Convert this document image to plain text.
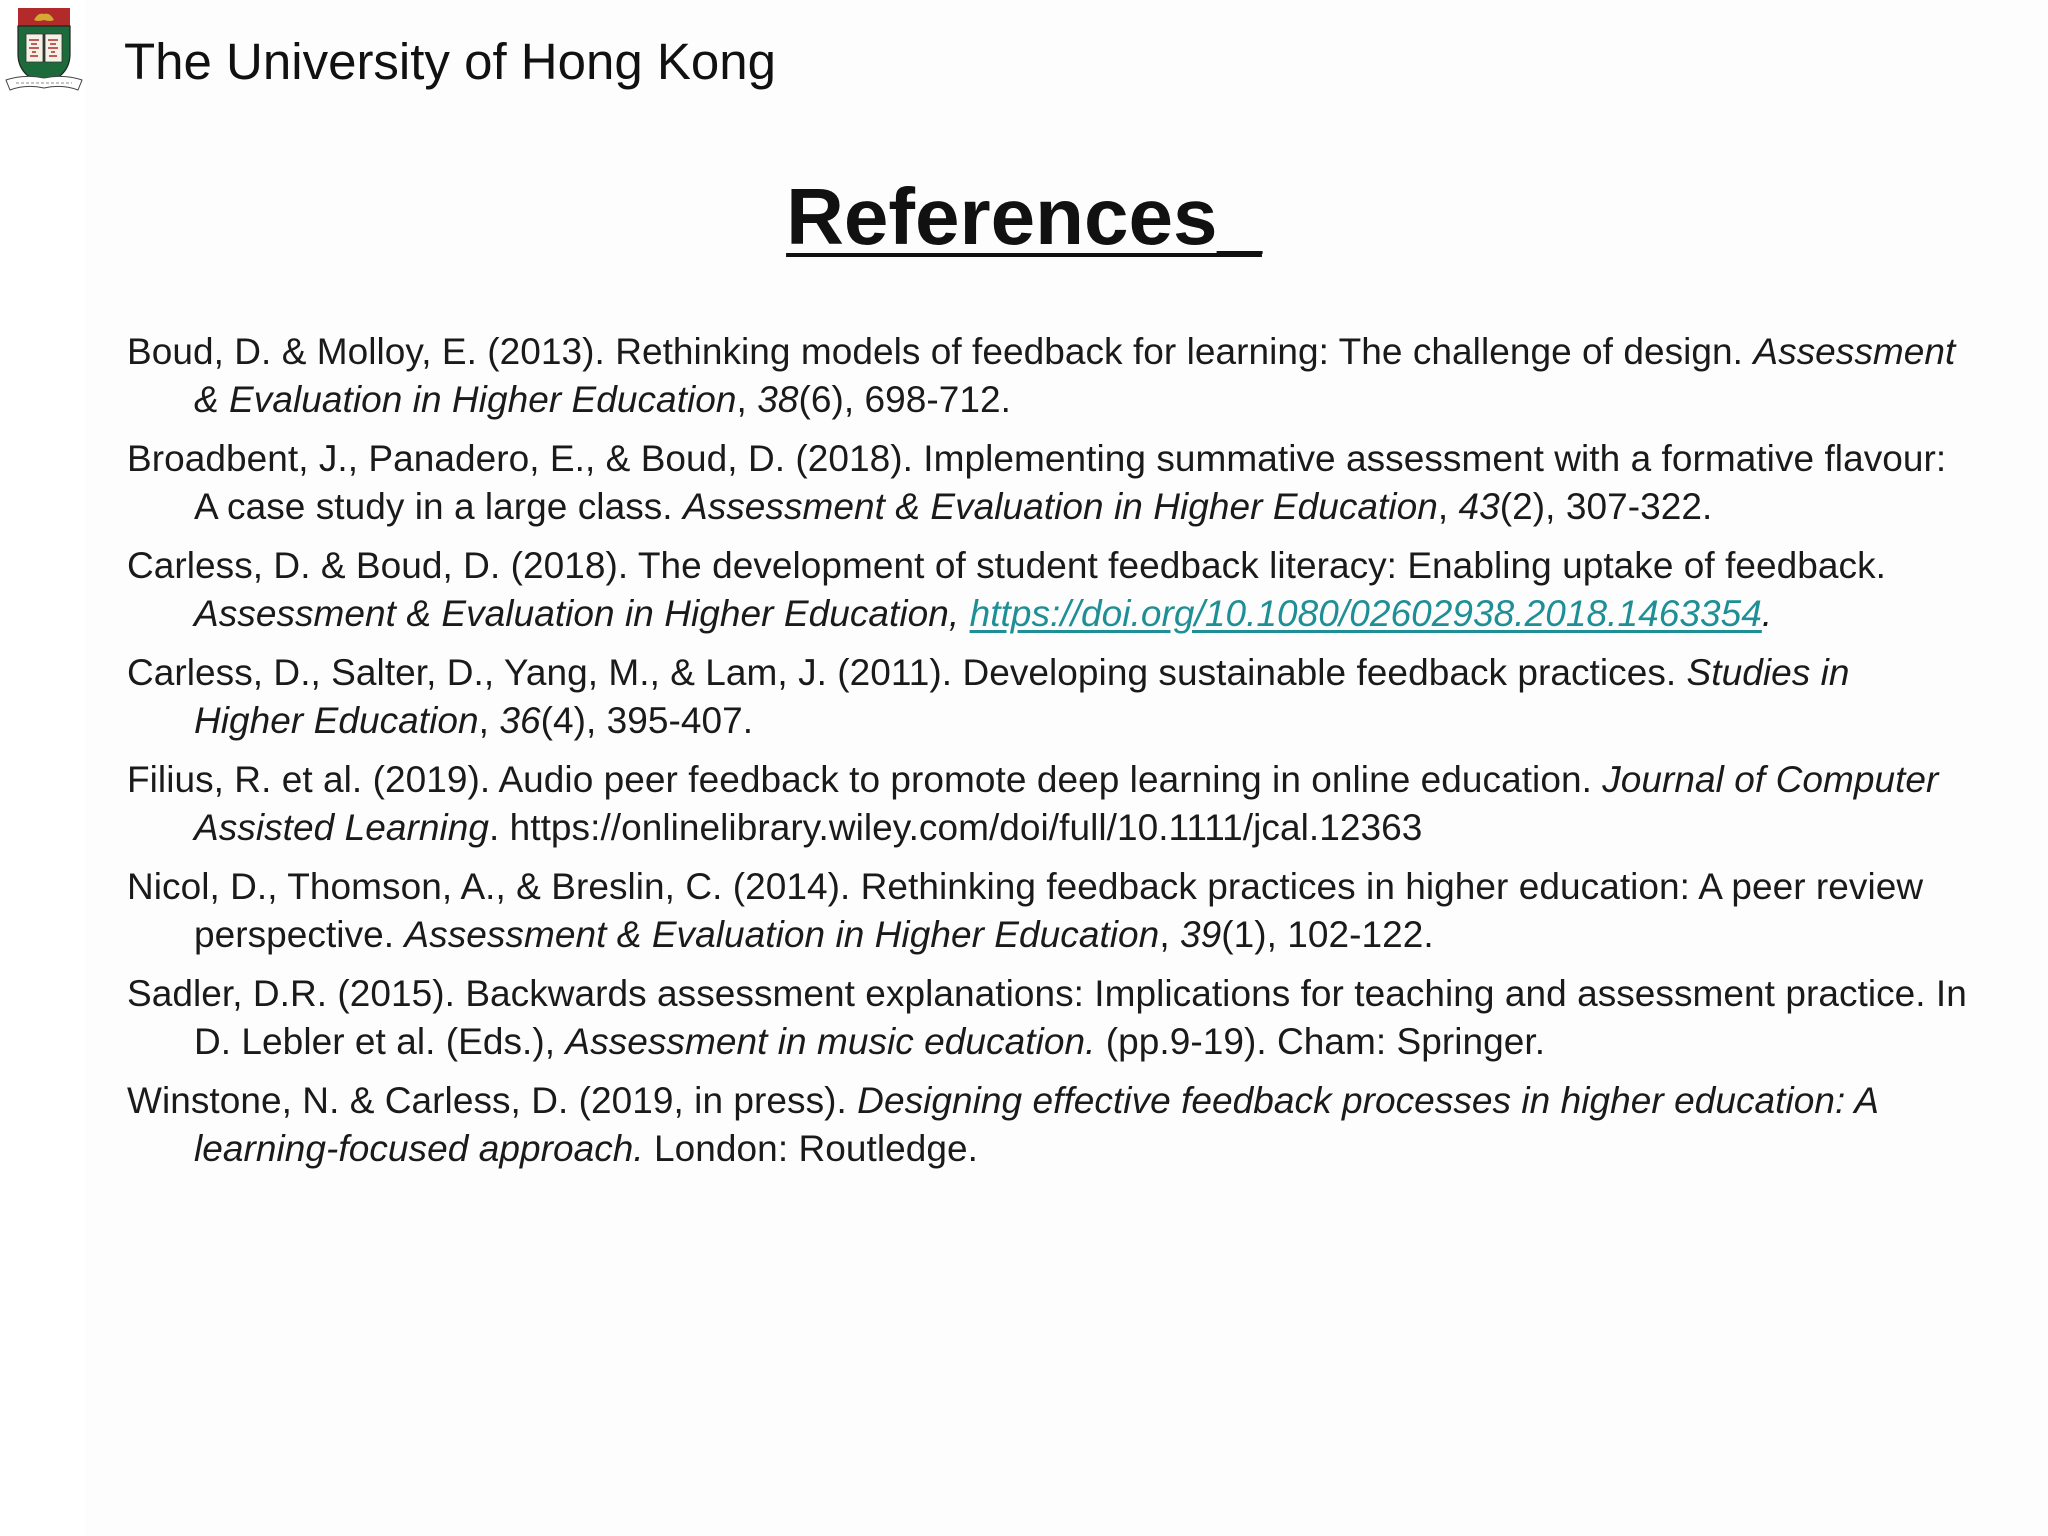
The University of Hong Kong
References_
Boud, D. & Molloy, E. (2013). Rethinking models of feedback for learning: The challenge of design. Assessment & Evaluation in Higher Education, 38(6), 698-712.
Broadbent, J., Panadero, E., & Boud, D. (2018). Implementing summative assessment with a formative flavour: A case study in a large class. Assessment & Evaluation in Higher Education, 43(2), 307-322.
Carless, D. & Boud, D. (2018). The development of student feedback literacy: Enabling uptake of feedback. Assessment & Evaluation in Higher Education, https://doi.org/10.1080/02602938.2018.1463354.
Carless, D., Salter, D., Yang, M., & Lam, J. (2011). Developing sustainable feedback practices. Studies in Higher Education, 36(4), 395-407.
Filius, R. et al. (2019). Audio peer feedback to promote deep learning in online education. Journal of Computer Assisted Learning. https://onlinelibrary.wiley.com/doi/full/10.1111/jcal.12363
Nicol, D., Thomson, A., & Breslin, C. (2014). Rethinking feedback practices in higher education: A peer review perspective. Assessment & Evaluation in Higher Education, 39(1), 102-122.
Sadler, D.R. (2015). Backwards assessment explanations: Implications for teaching and assessment practice. In D. Lebler et al. (Eds.), Assessment in music education. (pp.9-19). Cham: Springer.
Winstone, N. & Carless, D. (2019, in press). Designing effective feedback processes in higher education: A learning-focused approach. London: Routledge.
